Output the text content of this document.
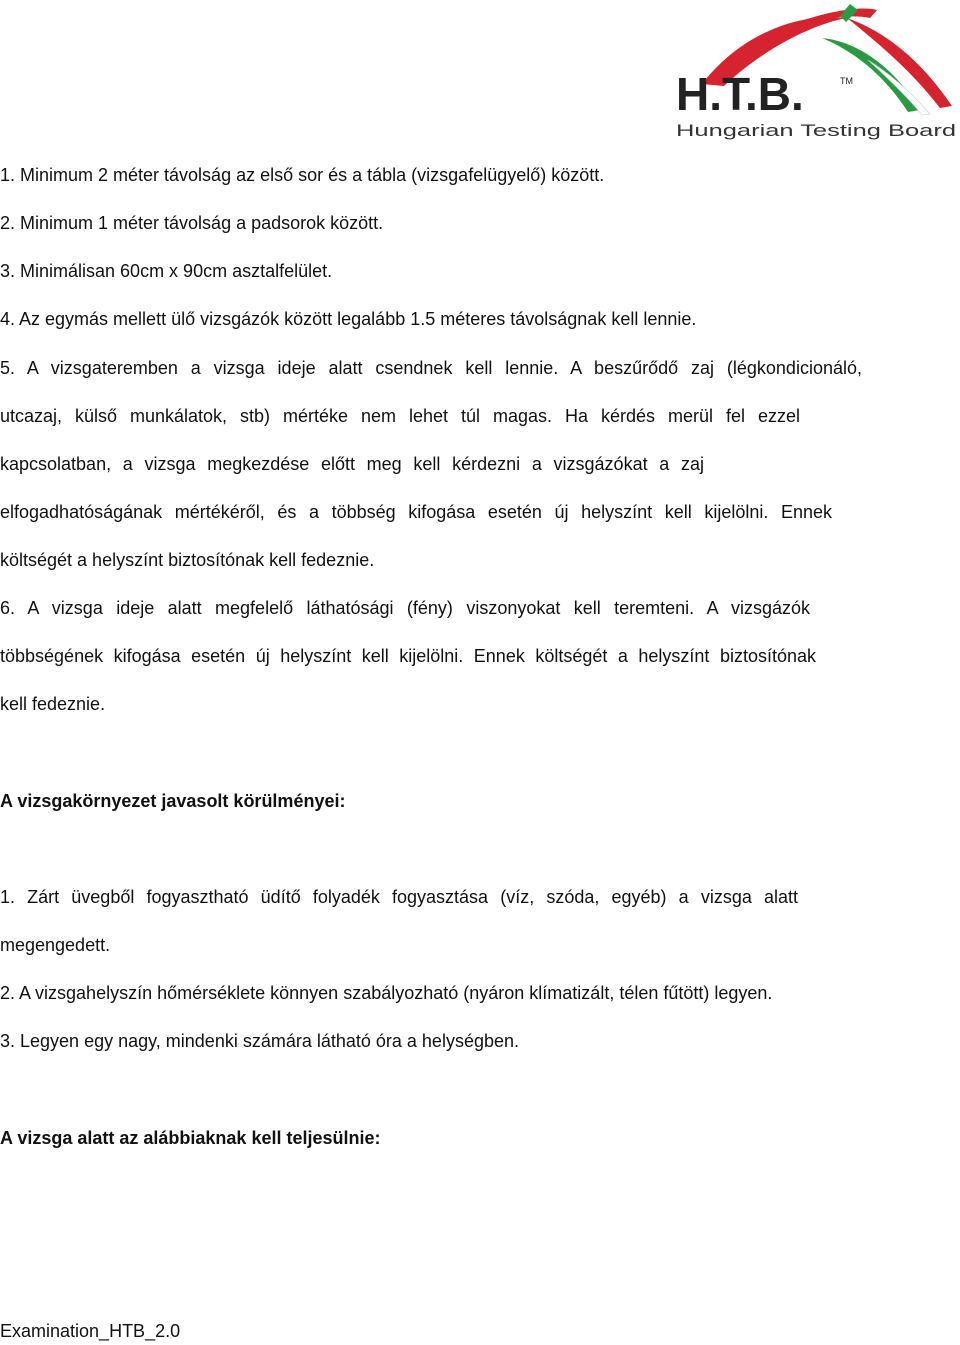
H.T.B.	TM
Hungarian Testing Board
1. Minimum 2 méter távolság az első sor és a tábla (vizsgafelügyelő) között.
2. Minimum 1 méter távolság a padsorok között.
3. Minimálisan 60cm x 90cm asztalfelület.
4. Az egymás mellett ülő vizsgázók között legalább 1.5 méteres távolságnak kell lennie.
5. A vizsgateremben a vizsga ideje alatt csendnek kell lennie. A beszűrődő zaj (légkondicionáló,
utcazaj, külső munkálatok, stb) mértéke nem lehet túl magas. Ha kérdés merül fel ezzel
kapcsolatban, a vizsga megkezdése előtt meg kell kérdezni a vizsgázókat a zaj
elfogadhatóságának mértékéről, és a többség kifogása esetén új helyszínt kell kijelölni. Ennek
költségét a helyszínt biztosítónak kell fedeznie.
6. A vizsga ideje alatt megfelelő láthatósági (fény) viszonyokat kell teremteni. A vizsgázók
többségének kifogása esetén új helyszínt kell kijelölni. Ennek költségét a helyszínt biztosítónak
kell fedeznie.
A vizsgakörnyezet javasolt körülményei:
1. Zárt üvegből fogyasztható üdítő folyadék fogyasztása (víz, szóda, egyéb) a vizsga alatt
megengedett.
2. A vizsgahelyszín hőmérséklete könnyen szabályozható (nyáron klímatizált, télen fűtött) legyen.
3. Legyen egy nagy, mindenki számára látható óra a helységben.
A vizsga alatt az alábbiaknak kell teljesülnie:
Examination_HTB_2.0
